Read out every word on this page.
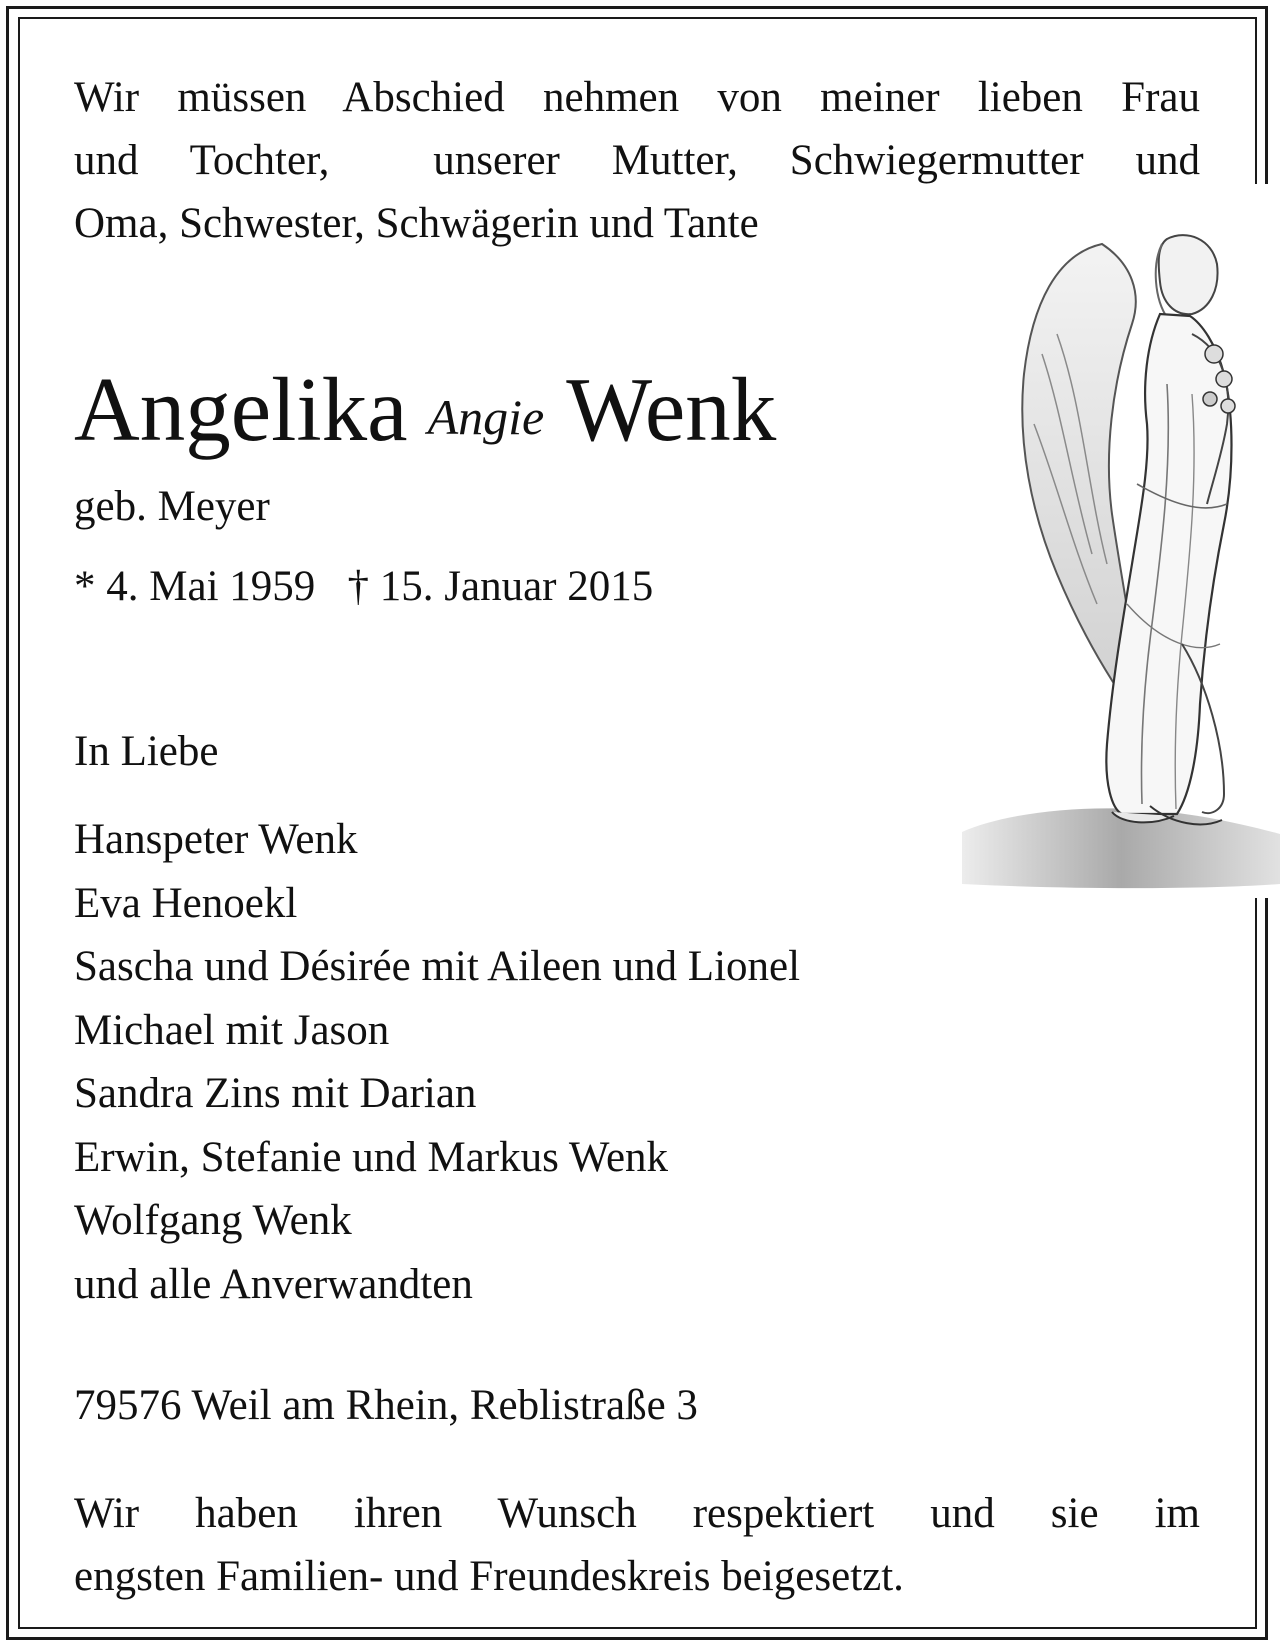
Wir müssen Abschied nehmen von meiner lieben Frau
und Tochter,  unserer Mutter, Schwiegermutter und
Oma, Schwester, Schwägerin und Tante
Angelika Angie Wenk
geb. Meyer
* 4. Mai 1959   † 15. Januar 2015
In Liebe
Hanspeter Wenk
Eva Henoekl
Sascha und Désirée mit Aileen und Lionel
Michael mit Jason
Sandra Zins mit Darian
Erwin, Stefanie und Markus Wenk
Wolfgang Wenk
und alle Anverwandten
79576 Weil am Rhein, Reblistraße 3
Wir haben ihren Wunsch respektiert und sie im
engsten Familien- und Freundeskreis beigesetzt.
